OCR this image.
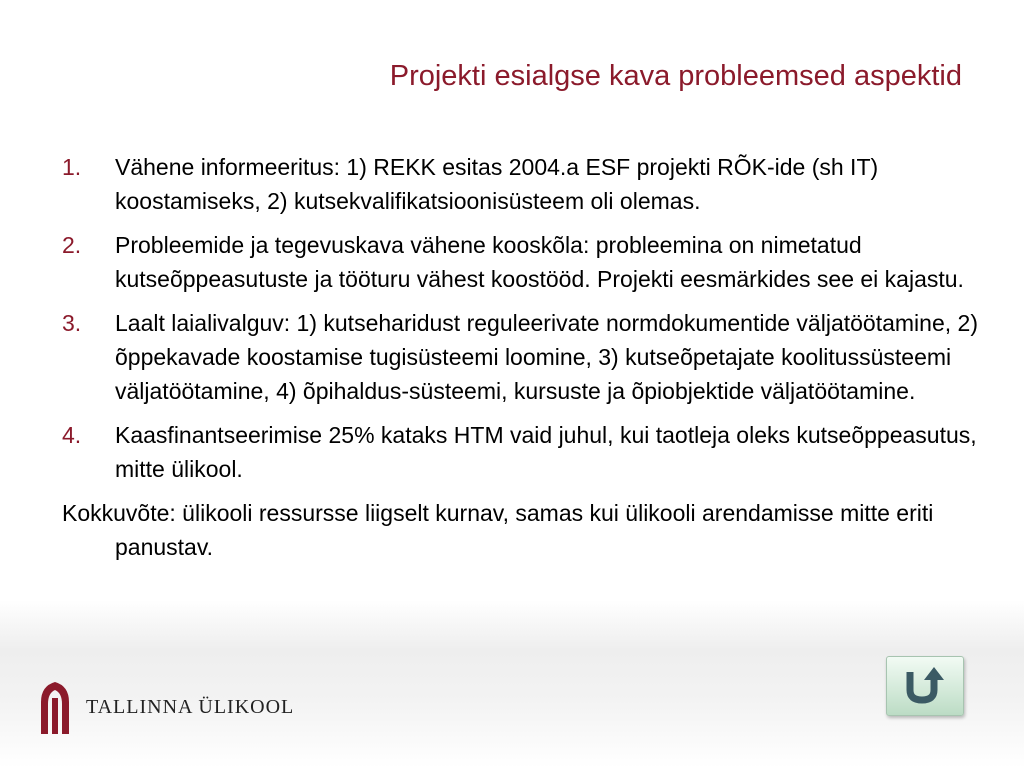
Projekti esialgse kava probleemsed aspektid
1.	Vähene informeeritus: 1) REKK esitas 2004.a ESF projekti RÕK-ide (sh IT) koostamiseks, 2) kutsekvalifikatsioonisüsteem oli olemas.
2.	Probleemide ja tegevuskava vähene kooskõla: probleemina on nimetatud kutseõppeasutuste ja tööturu vähest koostööd. Projekti eesmärkides see ei kajastu.
3.	Laalt laialivalguv: 1) kutseharidust reguleerivate normdokumentide väljatöötamine, 2) õppekavade koostamise tugisüsteemi loomine, 3) kutseõpetajate koolitussüsteemi väljatöötamine, 4) õpihaldus-süsteemi, kursuste ja õpiobjektide väljatöötamine.
4.	Kaasfinantseerimise 25% kataks HTM vaid juhul, kui taotleja oleks kutseõppeasutus, mitte ülikool.

Kokkuvõte: ülikooli ressursse liigselt kurnav, samas kui ülikooli arendamisse mitte eriti panustav.

TALLINNA ÜLIKOOL
